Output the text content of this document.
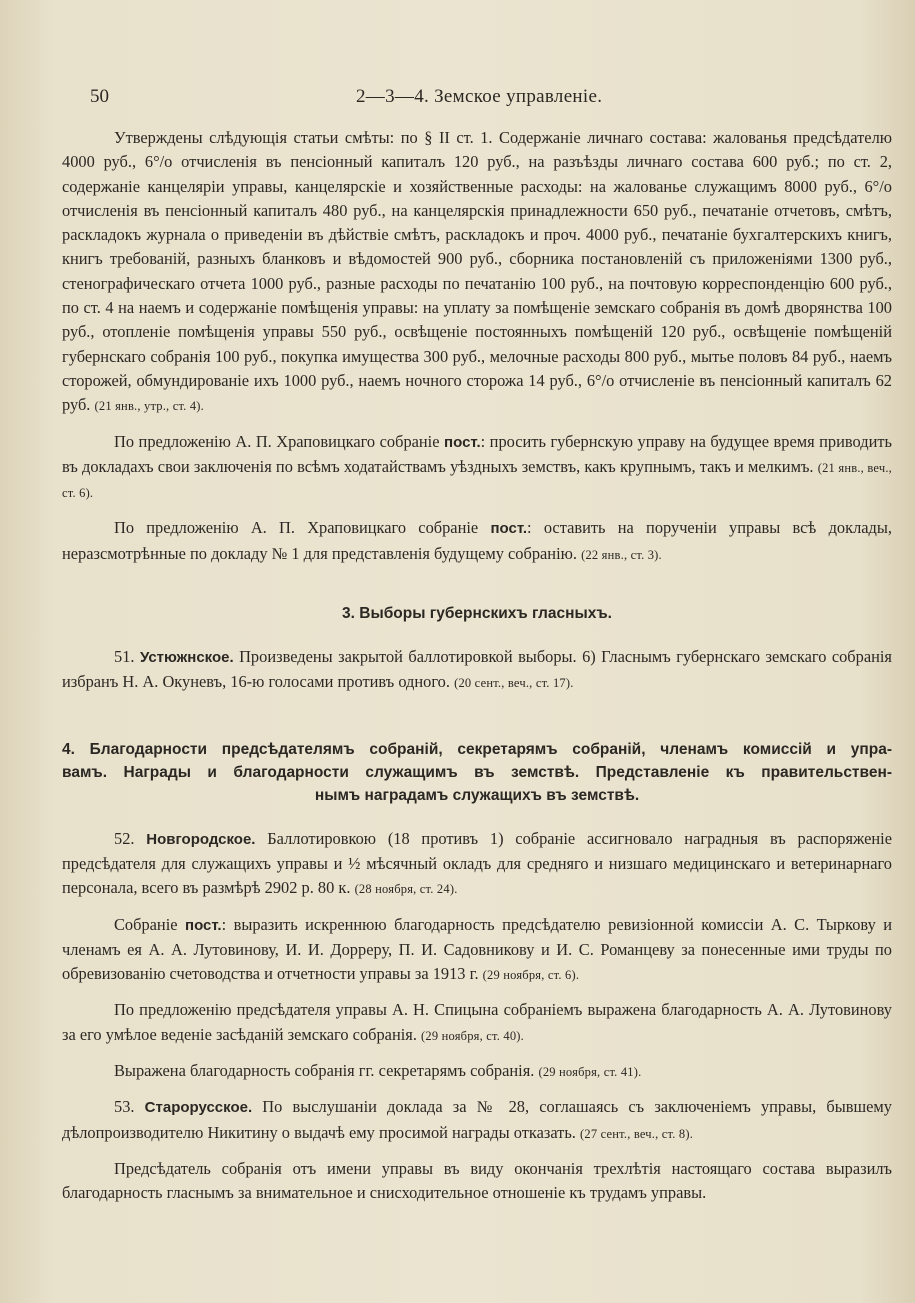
50	2—3—4. Земское управленіе.

Утверждены слѣдующія статьи смѣты: по § II ст. 1. Содержаніе личнаго состава: жалованья предсѣдателю 4000 руб., 6°/о отчисленія въ пенсіонный капиталъ 120 руб., на разъѣзды личнаго состава 600 руб.; по ст. 2, содержаніе канцеляріи управы, канцелярскіе и хозяйственные расходы: на жалованье служащимъ 8000 руб., 6°/о отчисленія въ пенсіонный капиталъ 480 руб., на канцелярскія принадлежности 650 руб., печатаніе отчетовъ, смѣтъ, раскладокъ журнала о приведеніи въ дѣйствіе смѣтъ, раскладокъ и проч. 4000 руб., печатаніе бухгалтерскихъ книгъ, книгъ требованій, разныхъ бланковъ и вѣдомостей 900 руб., сборника постановленій съ приложеніями 1300 руб., стенографическаго отчета 1000 руб., разные расходы по печатанію 100 руб., на почтовую корреспонденцію 600 руб., по ст. 4 на наемъ и содержаніе помѣщенія управы: на уплату за помѣщеніе земскаго собранія въ домѣ дворянства 100 руб., отопленіе помѣщенія управы 550 руб., освѣщеніе постоянныхъ помѣщеній 120 руб., освѣщеніе помѣщеній губернскаго собранія 100 руб., покупка имущества 300 руб., мелочные расходы 800 руб., мытье половъ 84 руб., наемъ сторожей, обмундированіе ихъ 1000 руб., наемъ ночного сторожа 14 руб., 6°/о отчисленіе въ пенсіонный капиталъ 62 руб. (21 янв., утр., ст. 4).

По предложенію А. П. Храповицкаго собраніе пост.: просить губернскую управу на будущее время приводить въ докладахъ свои заключенія по всѣмъ ходатайствамъ уѣздныхъ земствъ, какъ крупнымъ, такъ и мелкимъ. (21 янв., веч., ст. 6).

По предложенію А. П. Храповицкаго собраніе пост.: оставить на порученіи управы всѣ доклады, неразсмотрѣнные по докладу № 1 для представленія будущему собранію. (22 янв., ст. 3).

3. Выборы губернскихъ гласныхъ.

51. Устюжнское. Произведены закрытой баллотировкой выборы. 6) Гласнымъ губернскаго земскаго собранія избранъ Н. А. Окуневъ, 16-ю голосами противъ одного. (20 сент., веч., ст. 17).

4. Благодарности предсѣдателямъ собраній, секретарямъ собраній, членамъ комиссій и упра-
вамъ. Награды и благодарности служащимъ въ земствѣ. Представленіе къ правительствен-
нымъ наградамъ служащихъ въ земствѣ.

52. Новгородское. Баллотировкою (18 противъ 1) собраніе ассигновало наградныя въ распоряженіе предсѣдателя для служащихъ управы и ½ мѣсячный окладъ для средняго и низшаго медицинскаго и ветеринарнаго персонала, всего въ размѣрѣ 2902 р. 80 к. (28 ноября, ст. 24).

Собраніе пост.: выразить искреннюю благодарность предсѣдателю ревизіонной комиссіи А. С. Тыркову и членамъ ея А. А. Лутовинову, И. И. Дорреру, П. И. Садовникову и И. С. Романцеву за понесенные ими труды по обревизованію счетоводства и отчетности управы за 1913 г. (29 ноября, ст. 6).

По предложенію предсѣдателя управы А. Н. Спицына собраніемъ выражена благодарность А. А. Лутовинову за его умѣлое веденіе засѣданій земскаго собранія. (29 ноября, ст. 40).

Выражена благодарность собранія гг. секретарямъ собранія. (29 ноября, ст. 41).

53. Старорусское. По выслушаніи доклада за № 28, соглашаясь съ заключеніемъ управы, бывшему дѣлопроизводителю Никитину о выдачѣ ему просимой награды отказать. (27 сент., веч., ст. 8).

Предсѣдатель собранія отъ имени управы въ виду окончанія трехлѣтія настоящаго состава выразилъ благодарность гласнымъ за внимательное и снисходительное отношеніе къ трудамъ управы.
